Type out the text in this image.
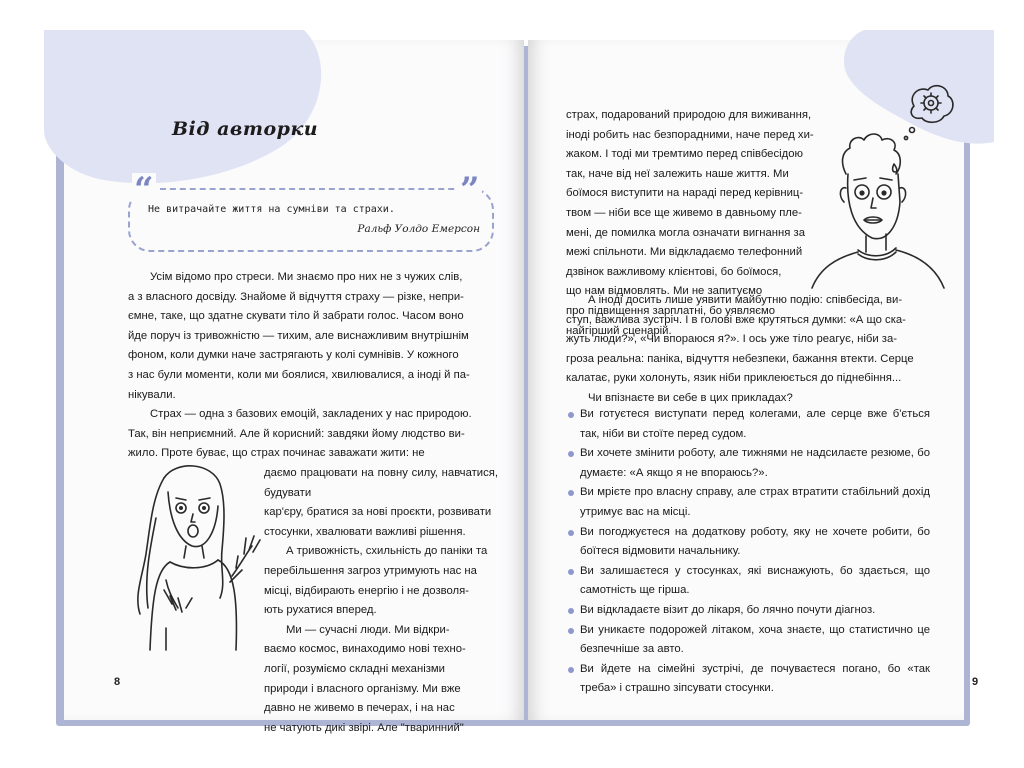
Від авторки
“	”
Не витрачайте життя на сумніви та страхи.
Ральф Уолдо Емерсон
Усім відомо про стреси. Ми знаємо про них не з чужих слів,
а з власного досвіду. Знайоме й відчуття страху — різке, непри-
ємне, таке, що здатне скувати тіло й забрати голос. Часом воно
йде поруч із тривожністю — тихим, але виснажливим внутрішнім
фоном, коли думки наче застрягають у колі сумнівів. У кожного
з нас були моменти, коли ми боялися, хвилювалися, а іноді й па-
нікували.
Страх — одна з базових емоцій, закладених у нас природою.
Так, він неприємний. Але й корисний: завдяки йому людство ви-
жило. Проте буває, що страх починає заважати жити: не
даємо працювати на повну силу, навчатися, будувати
кар'єру, братися за нові проєкти, розвивати
стосунки, хвалювати важливі рішення.
А тривожність, схильність до паніки та
перебільшення загроз утримують нас на
місці, відбирають енергію і не дозволя-
ють рухатися вперед.
Ми — сучасні люди. Ми відкри-
ваємо космос, винаходимо нові техно-
логії, розуміємо складні механізми
природи і власного організму. Ми вже
давно не живемо в печерах, і на нас
не чатують дикі звірі. Але "тваринний"
8
страх, подарований природою для виживання,
іноді робить нас безпорадними, наче перед хи-
жаком. І тоді ми тремтимо перед співбесідою
так, наче від неї залежить наше життя. Ми
боїмося виступити на нараді перед керівниц-
твом — ніби все ще живемо в давньому пле-
мені, де помилка могла означати вигнання за
межі спільноти. Ми відкладаємо телефонний
дзвінок важливому клієнтові, бо боїмося,
що нам відмовлять. Ми не запитуємо
про підвищення зарплатні, бо уявляємо
найгірший сценарій.
А іноді досить лише уявити майбутню подію: співбесіда, ви-
ступ, важлива зустріч. І в голові вже крутяться думки: «А що ска-
жуть люди?», «Чи впораюся я?». І ось уже тіло реагує, ніби за-
гроза реальна: паніка, відчуття небезпеки, бажання втекти. Серце
калатає, руки холонуть, язик ніби приклеюється до піднебіння...
Чи впізнаєте ви себе в цих прикладах?
Ви готуєтеся виступати перед колегами, але серце вже б'ється так, ніби ви стоїте перед судом.
Ви хочете змінити роботу, але тижнями не надсилаєте резюме, бо думаєте: «А якщо я не впораюсь?».
Ви мрієте про власну справу, але страх втратити стабільний дохід утримує вас на місці.
Ви погоджуєтеся на додаткову роботу, яку не хочете робити, бо боїтеся відмовити начальнику.
Ви залишаєтеся у стосунках, які виснажують, бо здається, що самотність ще гірша.
Ви відкладаєте візит до лікаря, бо лячно почути діагноз.
Ви уникаєте подорожей літаком, хоча знаєте, що статистично це безпечніше за авто.
Ви йдете на сімейні зустрічі, де почуваєтеся погано, бо «так треба» і страшно зіпсувати стосунки.
9
